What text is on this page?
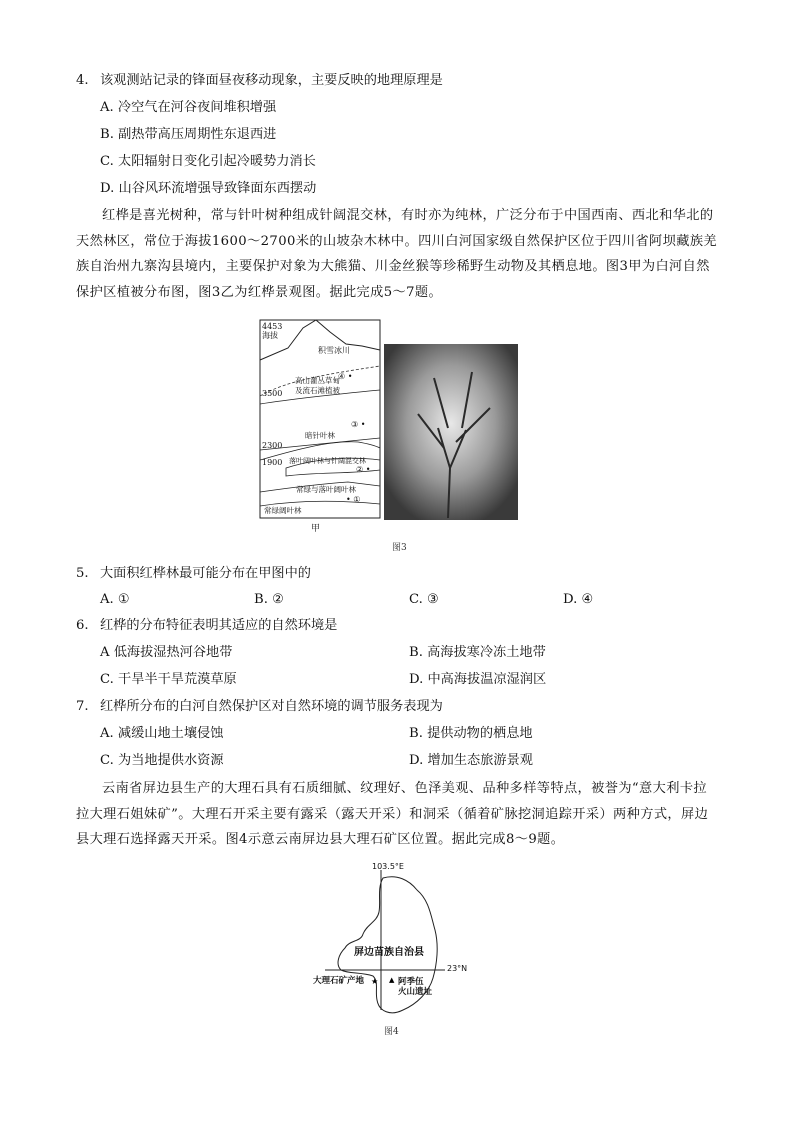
4. 该观测站记录的锋面昼夜移动现象，主要反映的地理原理是
A. 冷空气在河谷夜间堆积增强
B. 副热带高压周期性东退西进
C. 太阳辐射日变化引起冷暖势力消长
D. 山谷风环流增强导致锋面东西摆动
红桦是喜光树种，常与针叶树种组成针阔混交林，有时亦为纯林，广泛分布于中国西南、西北和华北的天然林区，常位于海拔1600～2700米的山坡杂木林中。四川白河国家级自然保护区位于四川省阿坝藏族羌族自治州九寨沟县境内，主要保护对象为大熊猫、川金丝猴等珍稀野生动物及其栖息地。图3甲为白河自然保护区植被分布图，图3乙为红桦景观图。据此完成5～7题。
4453
海拔
3500
2300
1900
积雪冰川
高山灌丛草甸
及流石滩植被
暗针叶林
落叶阔叶林与针阔混交林
常绿与落叶阔叶林
常绿阔叶林
④ •
③ •
② •
• ①
甲
图3
5. 大面积红桦林最可能分布在甲图中的
A. ①	B. ②	C. ③	D. ④
6. 红桦的分布特征表明其适应的自然环境是
A 低海拔湿热河谷地带	B. 高海拔寒冷冻土地带
C. 干旱半干旱荒漠草原	D. 中高海拔温凉湿润区
7. 红桦所分布的白河自然保护区对自然环境的调节服务表现为
A. 减缓山地土壤侵蚀	B. 提供动物的栖息地
C. 为当地提供水资源	D. 增加生态旅游景观
云南省屏边县生产的大理石具有石质细腻、纹理好、色泽美观、品种多样等特点，被誉为“意大利卡拉拉大理石姐妹矿”。大理石开采主要有露采（露天开采）和洞采（循着矿脉挖洞追踪开采）两种方式，屏边县大理石选择露天开采。图4示意云南屏边县大理石矿区位置。据此完成8～9题。
★ ▲
103.5°E
23°N
屏边苗族自治县
大理石矿产地	阿季伍
火山遗址
图4
